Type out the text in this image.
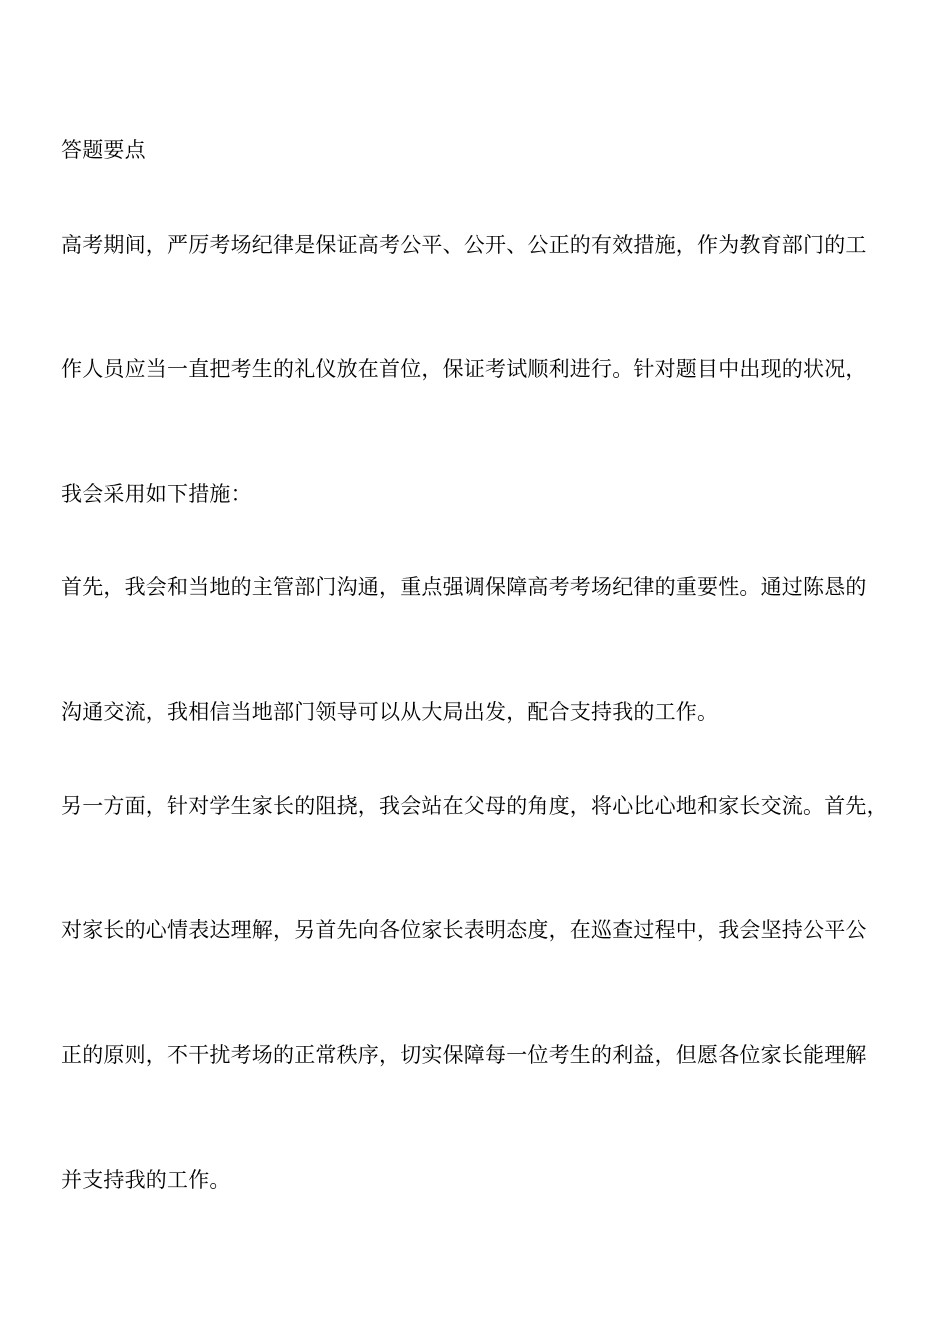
答题要点

高考期间，严厉考场纪律是保证高考公平、公开、公正的有效措施，作为教育部门的工

作人员应当一直把考生的礼仪放在首位，保证考试顺利进行。针对题目中出现的状况，

我会采用如下措施：

首先，我会和当地的主管部门沟通，重点强调保障高考考场纪律的重要性。通过陈恳的

沟通交流，我相信当地部门领导可以从大局出发，配合支持我的工作。

另一方面，针对学生家长的阻挠，我会站在父母的角度，将心比心地和家长交流。首先，

对家长的心情表达理解，另首先向各位家长表明态度，在巡查过程中，我会坚持公平公

正的原则，不干扰考场的正常秩序，切实保障每一位考生的利益，但愿各位家长能理解

并支持我的工作。
